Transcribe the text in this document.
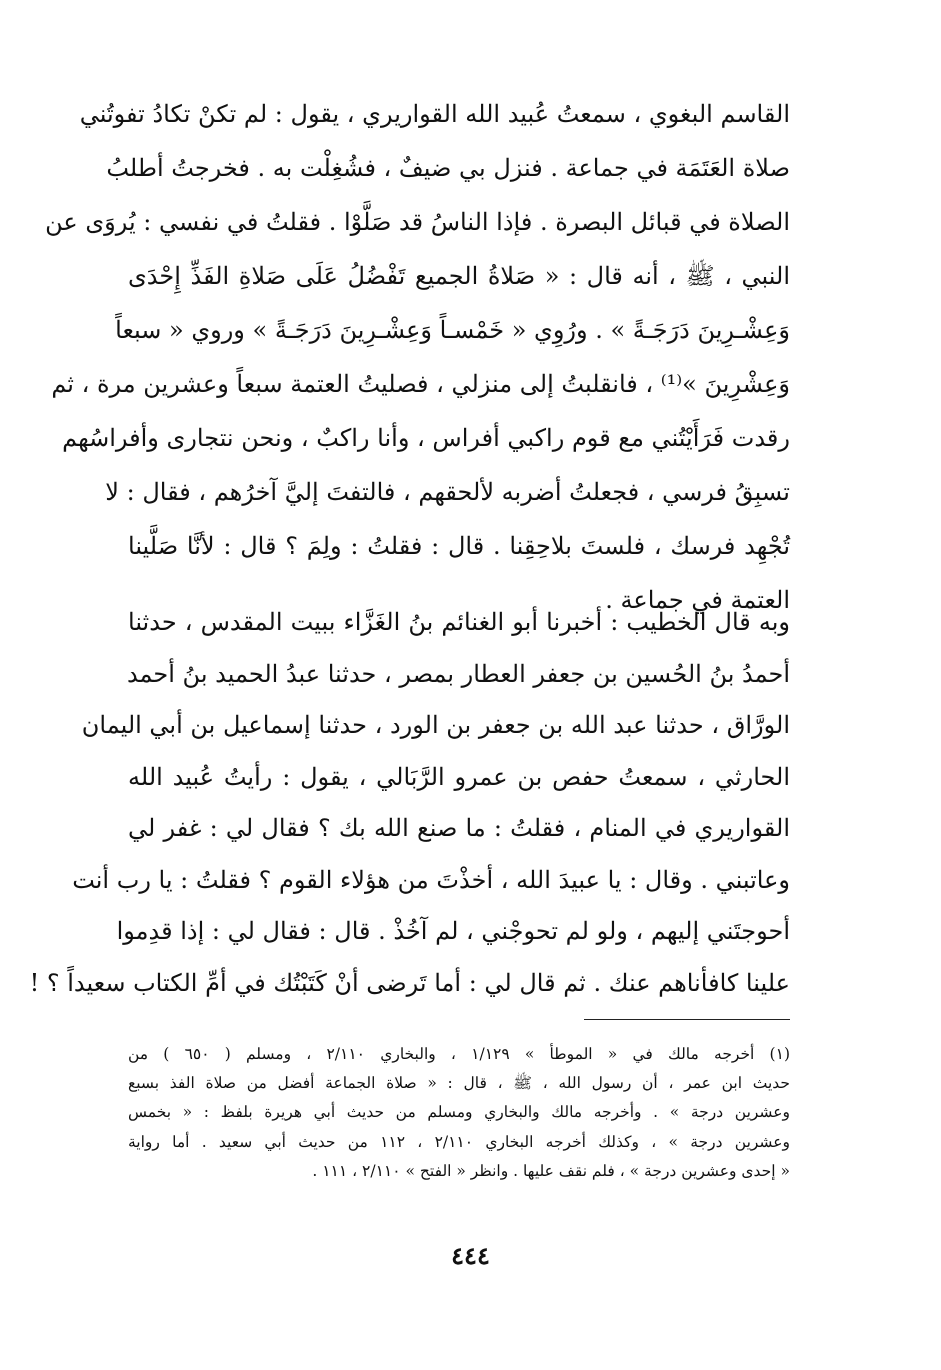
القاسم البغوي ، سمعتُ عُبيد الله القواريري ، يقول : لم تكنْ تكادُ تفوتُني
صلاة العَتَمَة في جماعة . فنزل بي ضيفٌ ، فشُغِلْت به . فخرجتُ أطلبُ
الصلاة في قبائل البصرة . فإذا الناسُ قد صَلَّوْا . فقلتُ في نفسي : يُروَى عن
النبي ، ﷺ ، أنه قال : « صَلاةُ الجميع تَفْضُلُ عَلَى صَلاةِ الفَذِّ إِحْدَى
وَعِشْـرِينَ دَرَجَـةً » . ورُوِي « خَمْسـاً وَعِشْـرِينَ دَرَجَـةً » وروي « سبعاً
وَعِشْرِينَ »⁽¹⁾ ، فانقلبتُ إلى منزلي ، فصليتُ العتمة سبعاً وعشرين مرة ، ثم
رقدت فَرَأَيْتُني مع قوم راكبي أفراس ، وأنا راكبٌ ، ونحن نتجارى وأفراسُهم
تسبِقُ فرسي ، فجعلتُ أضربه لألحقهم ، فالتفتَ إليَّ آخرُهم ، فقال : لا
تُجْهِد فرسك ، فلستَ بلاحِقِنا . قال : فقلتُ : ولِمَ ؟ قال : لأنَّا صَلَّينا
العتمة في جماعة .
وبه قال الخطيب : أخبرنا أبو الغنائم بنُ الغَزَّاء ببيت المقدس ، حدثنا
أحمدُ بنُ الحُسين بن جعفر العطار بمصر ، حدثنا عبدُ الحميد بنُ أحمد
الورَّاق ، حدثنا عبد الله بن جعفر بن الورد ، حدثنا إسماعيل بن أبي اليمان
الحارثي ، سمعتُ حفص بن عمرو الرَّبَالي ، يقول : رأيتُ عُبيد الله
القواريري في المنام ، فقلتُ : ما صنع الله بك ؟ فقال لي : غفر لي
وعاتبني . وقال : يا عبيدَ الله ، أخذْتَ من هؤلاء القوم ؟ فقلتُ : يا رب أنت
أحوجتَني إليهم ، ولو لم تحوجْني ، لم آخُذْ . قال : فقال لي : إذا قدِموا
علينا كافأناهم عنك . ثم قال لي : أما تَرضى أنْ كَتَبْتُك في أمِّ الكتاب سعيداً ؟ !
(١) أخرجه مالك في « الموطأ » ١/١٢٩ ، والبخاري ٢/١١٠ ، ومسلم ( ٦٥٠ ) من
حديث ابن عمر ، أن رسول الله ، ﷺ ، قال : « صلاة الجماعة أفضل من صلاة الفذ بسبع
وعشرين درجة » . وأخرجه مالك والبخاري ومسلم من حديث أبي هريرة بلفظ : « بخمس
وعشرين درجة » ، وكذلك أخرجه البخاري ٢/١١٠ ، ١١٢ من حديث أبي سعيد . أما رواية
« إحدى وعشرين درجة » ، فلم نقف عليها . وانظر « الفتح » ٢/١١٠ ، ١١١ .
٤٤٤
